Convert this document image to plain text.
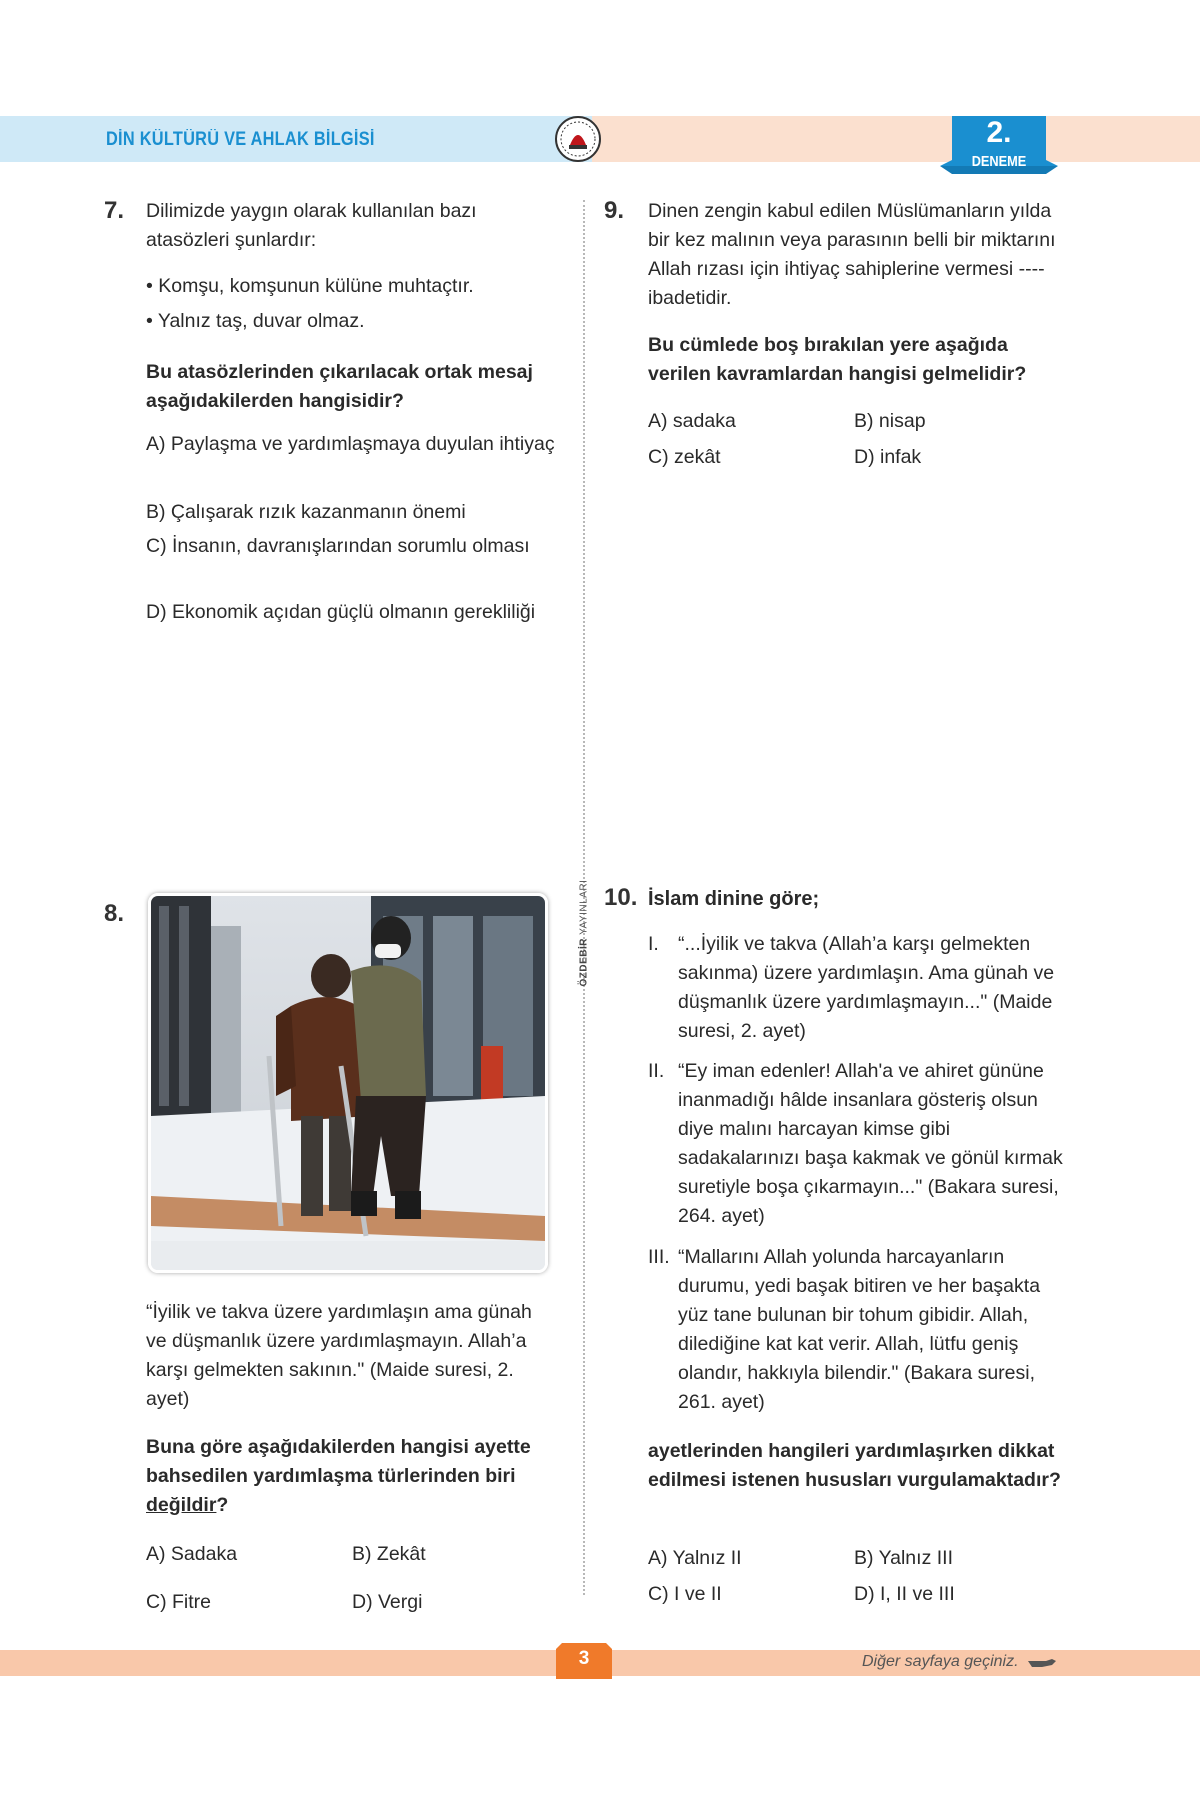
DİN KÜLTÜRÜ VE AHLAK BİLGİSİ	2.
DENEME
ÖZDEBİR YAYINLARI
7. Dilimizde yaygın olarak kullanılan bazı atasözleri şunlardır:
• Komşu, komşunun külüne muhtaçtır.
• Yalnız taş, duvar olmaz.
Bu atasözlerinden çıkarılacak ortak mesaj aşağıdakilerden hangisidir?
A) Paylaşma ve yardımlaşmaya duyulan ihtiyaç
B) Çalışarak rızık kazanmanın önemi
C) İnsanın, davranışlarından sorumlu olması
D) Ekonomik açıdan güçlü olmanın gerekliliği
9. Dinen zengin kabul edilen Müslümanların yılda bir kez malının veya parasının belli bir miktarını Allah rızası için ihtiyaç sahiplerine vermesi ---- ibadetidir.
Bu cümlede boş bırakılan yere aşağıda verilen kavramlardan hangisi gelmelidir?
A) sadaka	B) nisap
C) zekât	D) infak
8.
“İyilik ve takva üzere yardımlaşın ama günah ve düşmanlık üzere yardımlaşmayın. Allah’a karşı gelmekten sakının." (Maide suresi, 2. ayet)
Buna göre aşağıdakilerden hangisi ayette bahsedilen yardımlaşma türlerinden biri değildir?
A) Sadaka	B) Zekât
C) Fitre	D) Vergi
10. İslam dinine göre;
I. “...İyilik ve takva (Allah’a karşı gelmekten sakınma) üzere yardımlaşın. Ama günah ve düşmanlık üzere yardımlaşmayın..." (Maide suresi, 2. ayet)
II. “Ey iman edenler! Allah'a ve ahiret gününe inanmadığı hâlde insanlara gösteriş olsun diye malını harcayan kimse gibi sadakalarınızı başa kakmak ve gönül kırmak suretiyle boşa çıkarmayın..." (Bakara suresi, 264. ayet)
III. “Mallarını Allah yolunda harcayanların durumu, yedi başak bitiren ve her başakta yüz tane bulunan bir tohum gibidir. Allah, dilediğine kat kat verir. Allah, lütfu geniş olandır, hakkıyla bilendir." (Bakara suresi, 261. ayet)
ayetlerinden hangileri yardımlaşırken dikkat edilmesi istenen hususları vurgulamaktadır?
A) Yalnız II	B) Yalnız III
C) I ve II	D) I, II ve III
3	Diğer sayfaya geçiniz.
